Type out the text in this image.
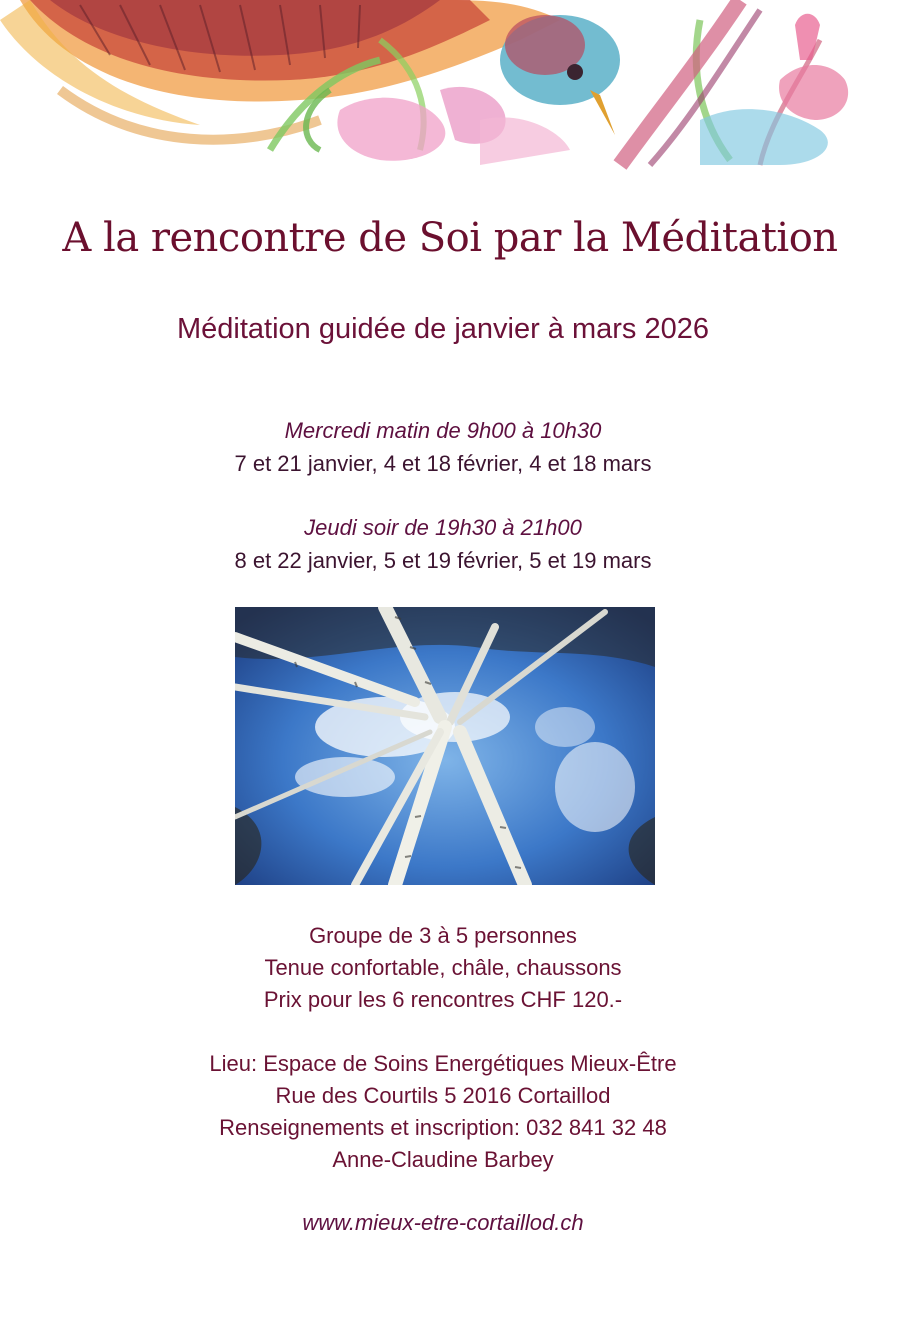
A la rencontre de Soi par la Méditation
Méditation guidée de janvier à mars 2026
Mercredi matin de 9h00 à 10h30
7 et 21 janvier, 4 et 18 février, 4 et 18 mars
Jeudi soir de 19h30 à 21h00
8 et 22 janvier, 5 et 19 février, 5 et 19 mars
Groupe de 3 à 5 personnes
Tenue confortable, châle, chaussons
Prix pour les 6 rencontres CHF 120.-
Lieu: Espace de Soins Energétiques Mieux-Être
Rue des Courtils 5 2016 Cortaillod
Renseignements et inscription: 032 841 32 48
Anne-Claudine Barbey
www.mieux-etre-cortaillod.ch
